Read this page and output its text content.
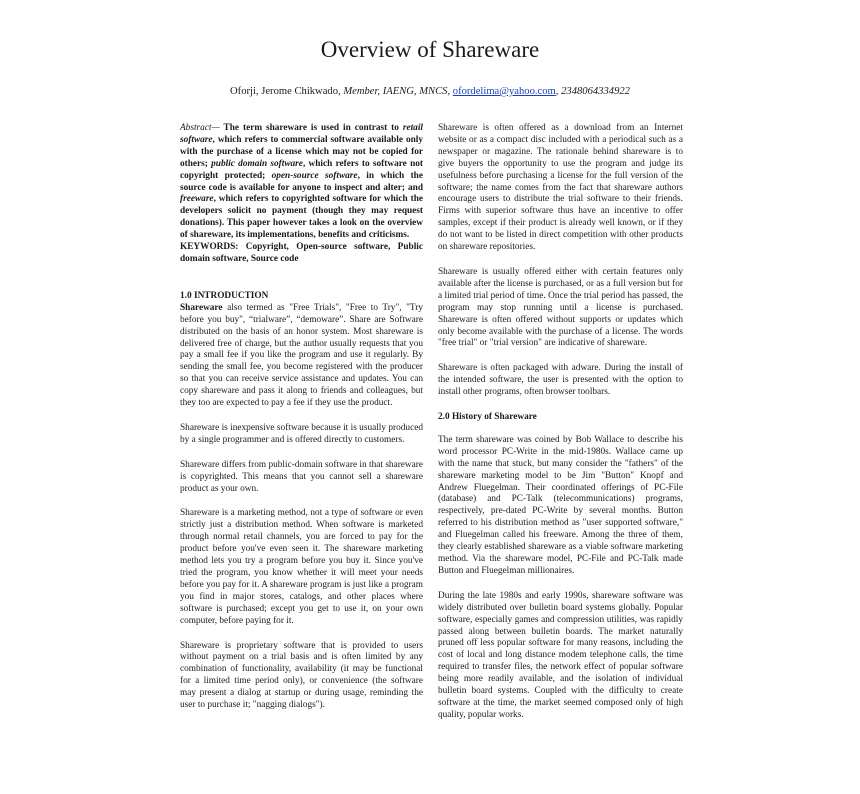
Overview of Shareware
Oforji, Jerome Chikwado, Member, IAENG, MNCS, ofordelima@yahoo.com, 2348064334922

Abstract— The term shareware is used in contrast to retail software, which refers to commercial software available only with the purchase of a license which may not be copied for others; public domain software, which refers to software not copyright protected; open-source software, in which the source code is available for anyone to inspect and alter; and freeware, which refers to copyrighted software for which the developers solicit no payment (though they may request donations). This paper however takes a look on the overview of shareware, its implementations, benefits and criticisms.
KEYWORDS: Copyright, Open-source software, Public domain software, Source code

1.0 INTRODUCTION

Shareware also termed as "Free Trials", "Free to Try", "Try before you buy", “trialware”, “demoware”. Share are Software distributed on the basis of an honor system. Most shareware is delivered free of charge, but the author usually requests that you pay a small fee if you like the program and use it regularly. By sending the small fee, you become registered with the producer so that you can receive service assistance and updates. You can copy shareware and pass it along to friends and colleagues, but they too are expected to pay a fee if they use the product.

Shareware is inexpensive software because it is usually produced by a single programmer and is offered directly to customers.

Shareware differs from public-domain software in that shareware is copyrighted. This means that you cannot sell a shareware product as your own.

Shareware is a marketing method, not a type of software or even strictly just a distribution method. When software is marketed through normal retail channels, you are forced to pay for the product before you've even seen it. The shareware marketing method lets you try a program before you buy it. Since you've tried the program, you know whether it will meet your needs before you pay for it. A shareware program is just like a program you find in major stores, catalogs, and other places where software is purchased; except you get to use it, on your own computer, before paying for it.

Shareware is proprietary software that is provided to users without payment on a trial basis and is often limited by any combination of functionality, availability (it may be functional for a limited time period only), or convenience (the software may present a dialog at startup or during usage, reminding the user to purchase it; "nagging dialogs").

Shareware is often offered as a download from an Internet website or as a compact disc included with a periodical such as a newspaper or magazine. The rationale behind shareware is to give buyers the opportunity to use the program and judge its usefulness before purchasing a license for the full version of the software; the name comes from the fact that shareware authors encourage users to distribute the trial software to their friends. Firms with superior software thus have an incentive to offer samples, except if their product is already well known, or if they do not want to be listed in direct competition with other products on shareware repositories.

Shareware is usually offered either with certain features only available after the license is purchased, or as a full version but for a limited trial period of time. Once the trial period has passed, the program may stop running until a license is purchased. Shareware is often offered without supports or updates which only become available with the purchase of a license. The words "free trial" or "trial version" are indicative of shareware.

Shareware is often packaged with adware. During the install of the intended software, the user is presented with the option to install other programs, often browser toolbars.

2.0 History of Shareware

The term shareware was coined by Bob Wallace to describe his word processor PC-Write in the mid-1980s. Wallace came up with the name that stuck, but many consider the "fathers" of the shareware marketing model to be Jim "Button" Knopf and Andrew Fluegelman. Their coordinated offerings of PC-File (database) and PC-Talk (telecommunications) programs, respectively, pre-dated PC-Write by several months. Button referred to his distribution method as "user supported software," and Fluegelman called his freeware. Among the three of them, they clearly established shareware as a viable software marketing method. Via the shareware model, PC-File and PC-Talk made Button and Fluegelman millionaires.

During the late 1980s and early 1990s, shareware software was widely distributed over bulletin board systems globally. Popular software, especially games and compression utilities, was rapidly passed along between bulletin boards. The market naturally pruned off less popular software for many reasons, including the cost of local and long distance modem telephone calls, the time required to transfer files, the network effect of popular software being more readily available, and the isolation of individual bulletin board systems. Coupled with the difficulty to create software at the time, the market seemed composed only of high quality, popular works.
